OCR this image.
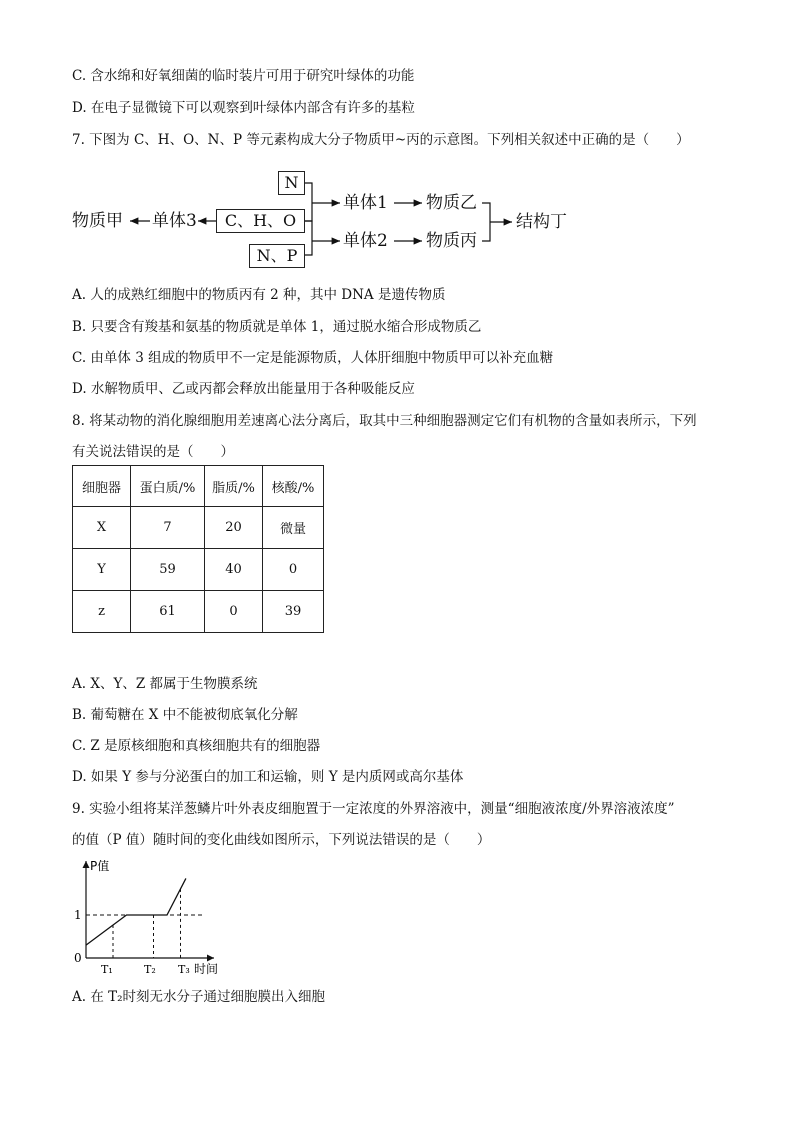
C. 含水绵和好氧细菌的临时装片可用于研究叶绿体的功能
D. 在电子显微镜下可以观察到叶绿体内部含有许多的基粒
7. 下图为 C、H、O、N、P 等元素构成大分子物质甲~丙的示意图。下列相关叙述中正确的是（　　）
N
C、H、O
N、P
物质甲 单体3
单体1
单体2
物质乙
物质丙
结构丁
A. 人的成熟红细胞中的物质丙有 2 种，其中 DNA 是遗传物质
B. 只要含有羧基和氨基的物质就是单体 1，通过脱水缩合形成物质乙
C. 由单体 3 组成的物质甲不一定是能源物质，人体肝细胞中物质甲可以补充血糖
D. 水解物质甲、乙或丙都会释放出能量用于各种吸能反应
8. 将某动物的消化腺细胞用差速离心法分离后，取其中三种细胞器测定它们有机物的含量如表所示，下列
有关说法错误的是（　　）
细胞器	蛋白质/%	脂质/%	核酸/%
X	7	20	微量
Y	59	40	0
z	61	0	39
A. X、Y、Z 都属于生物膜系统
B. 葡萄糖在 X 中不能被彻底氧化分解
C. Z 是原核细胞和真核细胞共有的细胞器
D. 如果 Y 参与分泌蛋白的加工和运输，则 Y 是内质网或高尔基体
9. 实验小组将某洋葱鳞片叶外表皮细胞置于一定浓度的外界溶液中，测量“细胞液浓度/外界溶液浓度”
的值（P 值）随时间的变化曲线如图所示，下列说法错误的是（　　）
P值
1
0
T₁	T₂ T₃ 时间
A. 在 T₂时刻无水分子通过细胞膜出入细胞
